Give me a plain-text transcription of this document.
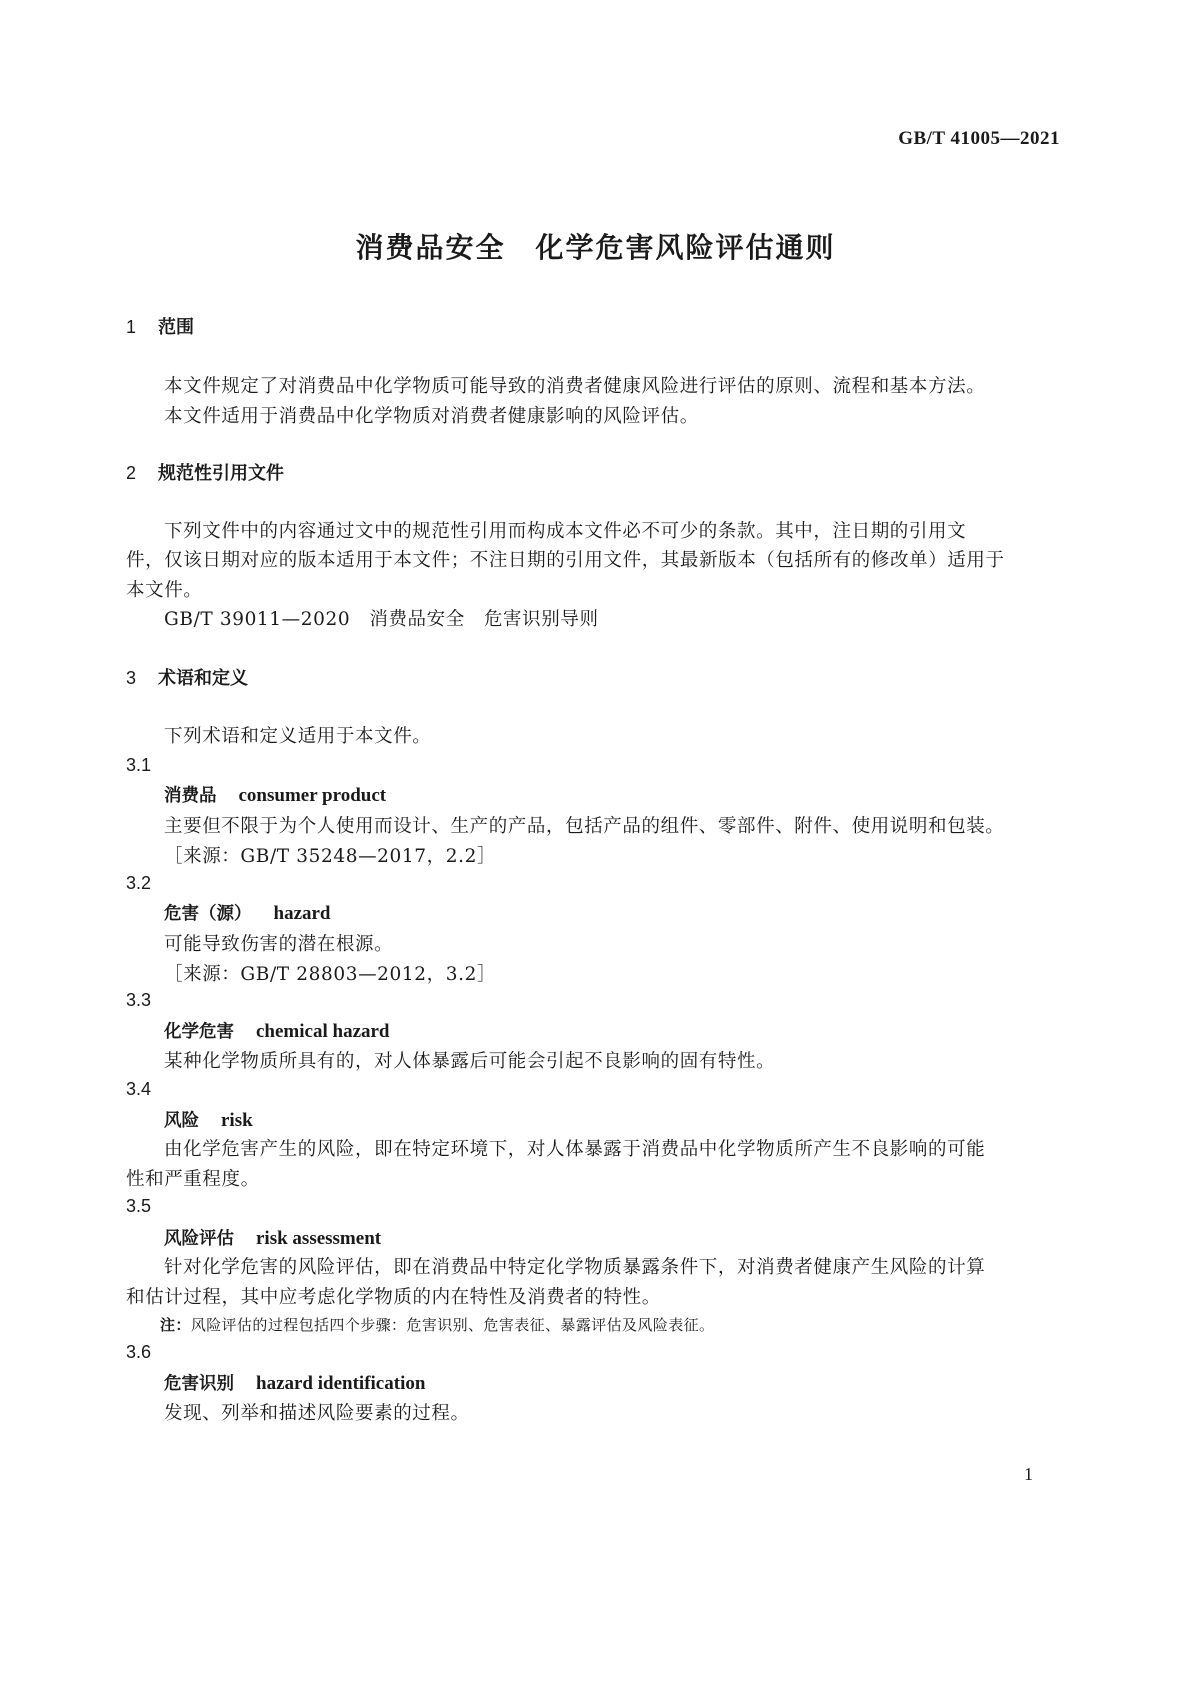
GB/T 41005—2021
消费品安全　化学危害风险评估通则
1 范围
本文件规定了对消费品中化学物质可能导致的消费者健康风险进行评估的原则、流程和基本方法。
本文件适用于消费品中化学物质对消费者健康影响的风险评估。
2 规范性引用文件
下列文件中的内容通过文中的规范性引用而构成本文件必不可少的条款。其中，注日期的引用文
件，仅该日期对应的版本适用于本文件；不注日期的引用文件，其最新版本（包括所有的修改单）适用于
本文件。
GB/T 39011—2020　消费品安全　危害识别导则
3 术语和定义
下列术语和定义适用于本文件。
3.1
消费品 consumer product
主要但不限于为个人使用而设计、生产的产品，包括产品的组件、零部件、附件、使用说明和包装。
［来源：GB/T 35248—2017，2.2］
3.2
危害（源） hazard
可能导致伤害的潜在根源。
［来源：GB/T 28803—2012，3.2］
3.3
化学危害 chemical hazard
某种化学物质所具有的，对人体暴露后可能会引起不良影响的固有特性。
3.4
风险 risk
由化学危害产生的风险，即在特定环境下，对人体暴露于消费品中化学物质所产生不良影响的可能
性和严重程度。
3.5
风险评估 risk assessment
针对化学危害的风险评估，即在消费品中特定化学物质暴露条件下，对消费者健康产生风险的计算
和估计过程，其中应考虑化学物质的内在特性及消费者的特性。
注：风险评估的过程包括四个步骤：危害识别、危害表征、暴露评估及风险表征。
3.6
危害识别 hazard identification
发现、列举和描述风险要素的过程。
1
